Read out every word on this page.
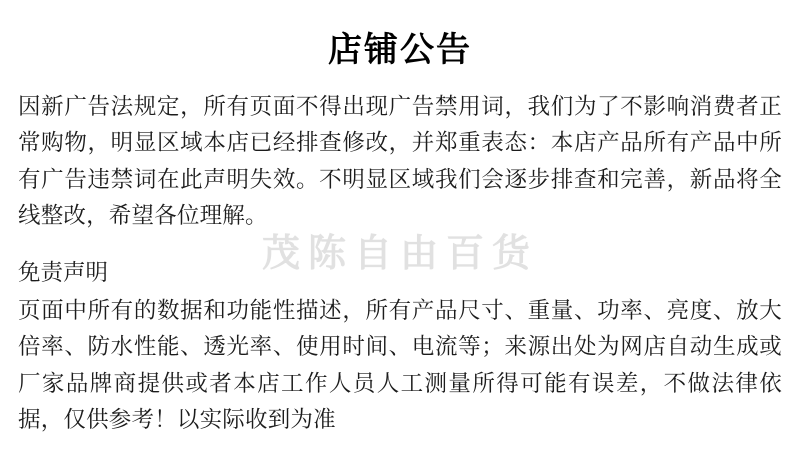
茂陈自由百货
店铺公告

因新广告法规定，所有页面不得出现广告禁用词，我们为了不影响消费者正常购物，明显区域本店已经排查修改，并郑重表态：本店产品所有产品中所有广告违禁词在此声明失效。不明显区域我们会逐步排查和完善，新品将全线整改，希望各位理解。

免责声明

页面中所有的数据和功能性描述，所有产品尺寸、重量、功率、亮度、放大倍率、防水性能、透光率、使用时间、电流等；来源出处为网店自动生成或厂家品牌商提供或者本店工作人员人工测量所得可能有误差，不做法律依据，仅供参考！以实际收到为准
